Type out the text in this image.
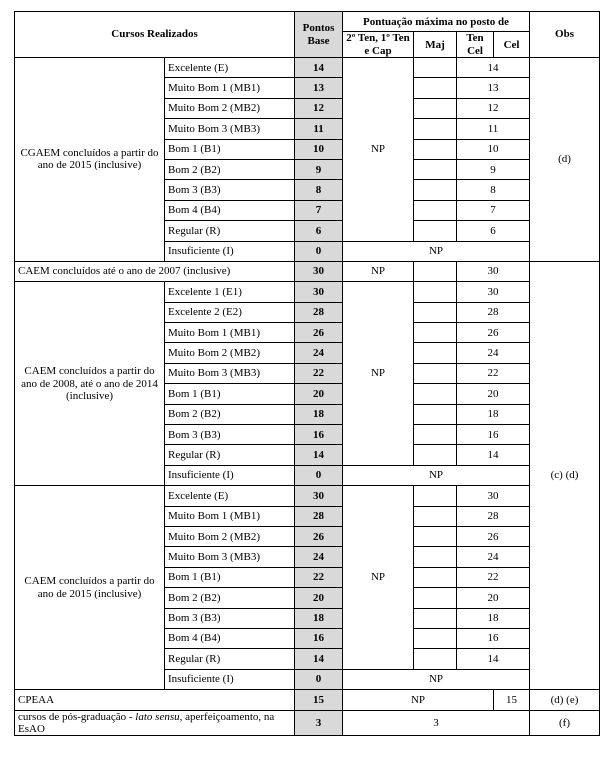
Cursos Realizados		Pontos Base	Pontuação máxima no posto de				Obs
			2º Ten, 1º Ten e Cap	Maj	Ten Cel	Cel	
CGAEM concluídos a partir do ano de 2015 (inclusive)	Excelente (E)	14	NP		14		(d)
	Muito Bom 1 (MB1)	13			13		
	Muito Bom 2 (MB2)	12			12		
	Muito Bom 3 (MB3)	11			11		
	Bom 1 (B1)	10			10		
	Bom 2 (B2)	9			9		
	Bom 3 (B3)	8			8		
	Bom 4 (B4)	7			7		
	Regular (R)	6			6		
	Insuficiente (I)	0	NP				
CAEM concluídos até o ano de 2007 (inclusive)		30	NP		30		(c) (d)
CAEM concluídos a partir do ano de 2008, até o ano de 2014 (inclusive)	Excelente 1 (E1)	30	NP		30		
	Excelente 2 (E2)	28			28		
	Muito Bom 1 (MB1)	26			26		
	Muito Bom 2 (MB2)	24			24		
	Muito Bom 3 (MB3)	22			22		
	Bom 1 (B1)	20			20		
	Bom 2 (B2)	18			18		
	Bom 3 (B3)	16			16		
	Regular (R)	14			14		
	Insuficiente (I)	0	NP				
CAEM concluídos a partir do ano de 2015 (inclusive)	Excelente (E)	30	NP		30		
	Muito Bom 1 (MB1)	28			28		
	Muito Bom 2 (MB2)	26			26		
	Muito Bom 3 (MB3)	24			24		
	Bom 1 (B1)	22			22		
	Bom 2 (B2)	20			20		
	Bom 3 (B3)	18			18		
	Bom 4 (B4)	16			16		
	Regular (R)	14			14		
	Insuficiente (I)	0	NP				
CPEAA		15	NP			15	(d) (e)
cursos de pós-graduação - lato sensu, aperfeiçoamento, na EsAO		3	3				(f)
